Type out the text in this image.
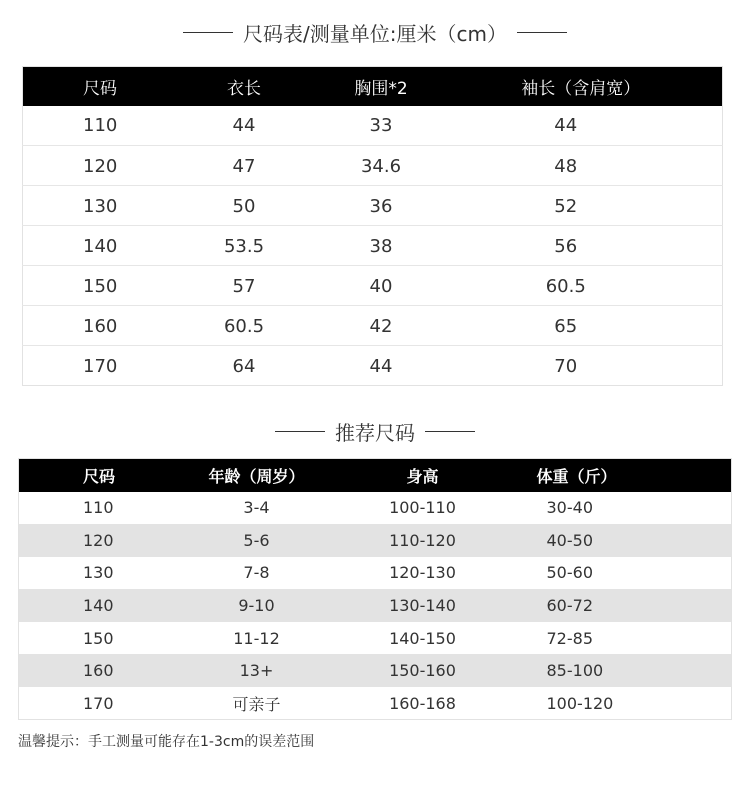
尺码表/测量单位:厘米（cm）
尺码	衣长	胸围*2	袖长（含肩宽）
110	44	33	44
120	47	34.6	48
130	50	36	52
140	53.5	38	56
150	57	40	60.5
160	60.5	42	65
170	64	44	70
推荐尺码
尺码	年龄（周岁）	身高	体重（斤）
110	3-4	100-110	30-40
120	5-6	110-120	40-50
130	7-8	120-130	50-60
140	9-10	130-140	60-72
150	11-12	140-150	72-85
160	13+	150-160	85-100
170	可亲子	160-168	100-120
温馨提示：手工测量可能存在1-3cm的误差范围
